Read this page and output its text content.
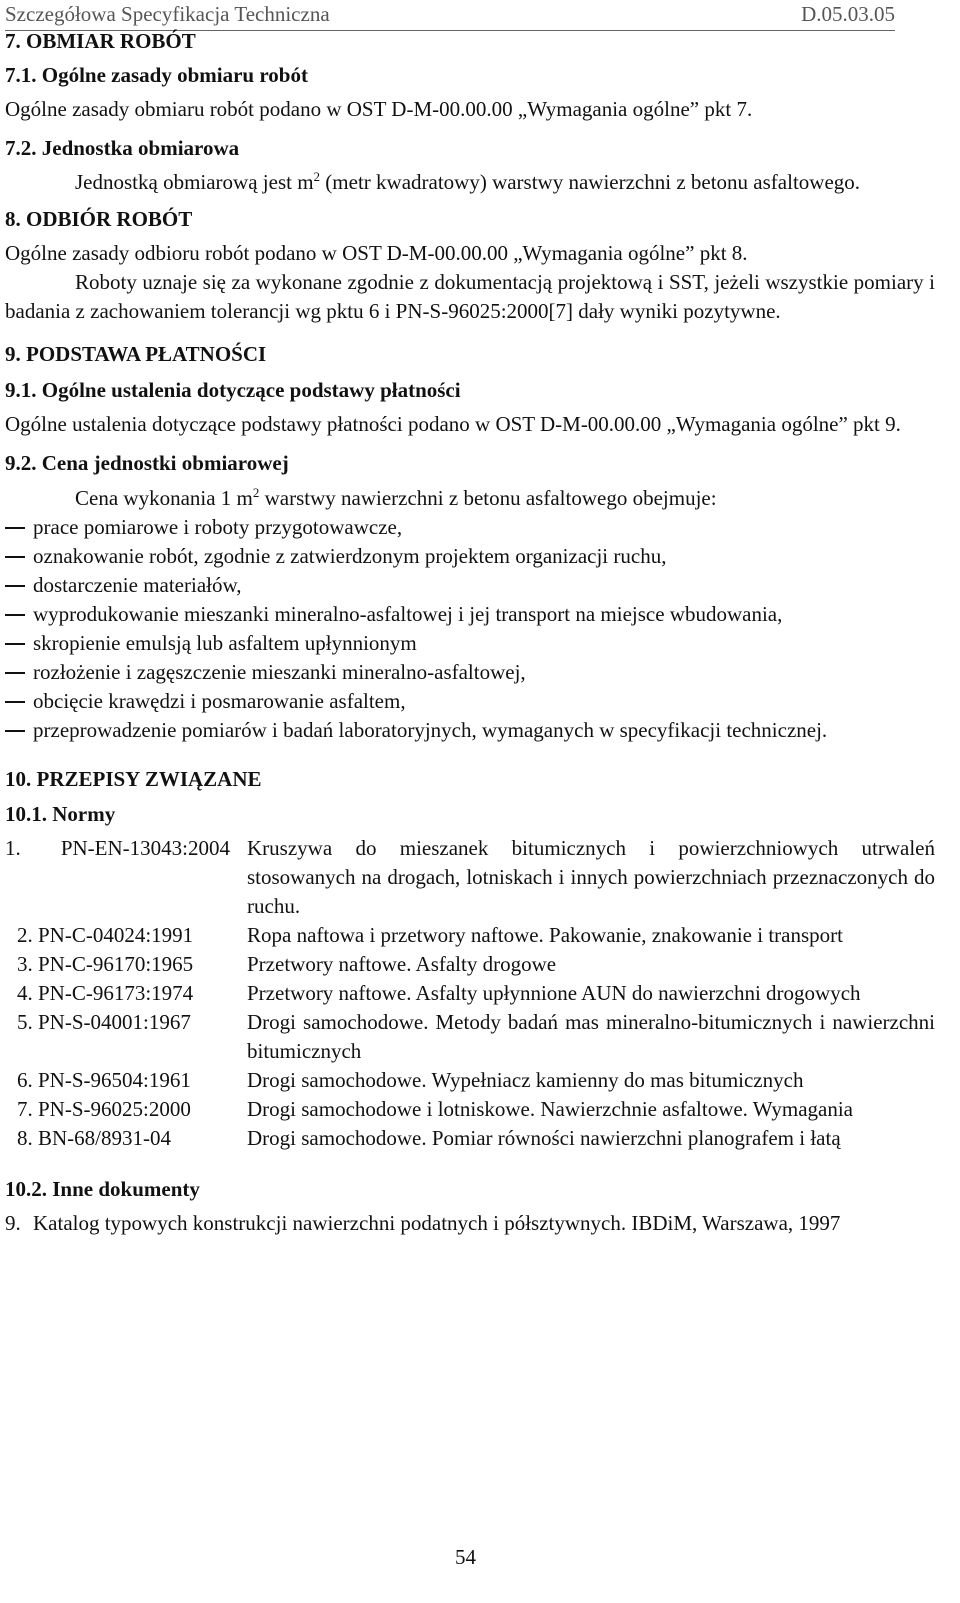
Szczegółowa Specyfikacja Techniczna	D.05.03.05

7. OBMIAR ROBÓT

7.1. Ogólne zasady obmiaru robót

Ogólne zasady obmiaru robót podano w OST D-M-00.00.00 „Wymagania ogólne” pkt 7.

7.2. Jednostka obmiarowa

Jednostką obmiarową jest $m^2$ (metr kwadratowy) warstwy nawierzchni z betonu asfaltowego.

8. ODBIÓR ROBÓT

Ogólne zasady odbioru robót podano w OST D-M-00.00.00 „Wymagania ogólne” pkt 8.

Roboty uznaje się za wykonane zgodnie z dokumentacją projektową i SST, jeżeli wszystkie pomiary i badania z zachowaniem tolerancji wg pktu 6 i PN-S-96025:2000[7] dały wyniki pozytywne.

9. PODSTAWA PŁATNOŚCI

9.1. Ogólne ustalenia dotyczące podstawy płatności

Ogólne ustalenia dotyczące podstawy płatności podano w OST D-M-00.00.00 „Wymagania ogólne” pkt 9.

9.2. Cena jednostki obmiarowej

Cena wykonania 1 $m^2$ warstwy nawierzchni z betonu asfaltowego obejmuje:

prace pomiarowe i roboty przygotowawcze,
oznakowanie robót, zgodnie z zatwierdzonym projektem organizacji ruchu,
dostarczenie materiałów,
wyprodukowanie mieszanki mineralno-asfaltowej i jej transport na miejsce wbudowania,
skropienie emulsją lub asfaltem upłynnionym
rozłożenie i zagęszczenie mieszanki mineralno-asfaltowej,
obcięcie krawędzi i posmarowanie asfaltem,
przeprowadzenie pomiarów i badań laboratoryjnych, wymaganych w specyfikacji technicznej.

10. PRZEPISY ZWIĄZANE

10.1. Normy

1. PN-EN-13043:2004 Kruszywa do mieszanek bitumicznych i powierzchniowych utrwaleń stosowanych na drogach, lotniskach i innych powierzchniach przeznaczonych do ruchu.
2. PN-C-04024:1991	Ropa naftowa i przetwory naftowe. Pakowanie, znakowanie i transport
3. PN-C-96170:1965	Przetwory naftowe. Asfalty drogowe
4. PN-C-96173:1974	Przetwory naftowe. Asfalty upłynnione AUN do nawierzchni drogowych
5. PN-S-04001:1967	Drogi samochodowe. Metody badań mas mineralno-bitumicznych i nawierzchni bitumicznych
6. PN-S-96504:1961	Drogi samochodowe. Wypełniacz kamienny do mas bitumicznych
7. PN-S-96025:2000	Drogi samochodowe i lotniskowe. Nawierzchnie asfaltowe. Wymagania
8. BN-68/8931-04	Drogi samochodowe. Pomiar równości nawierzchni planografem i łatą

10.2. Inne dokumenty

9. Katalog typowych konstrukcji nawierzchni podatnych i półsztywnych. IBDiM, Warszawa, 1997
54
